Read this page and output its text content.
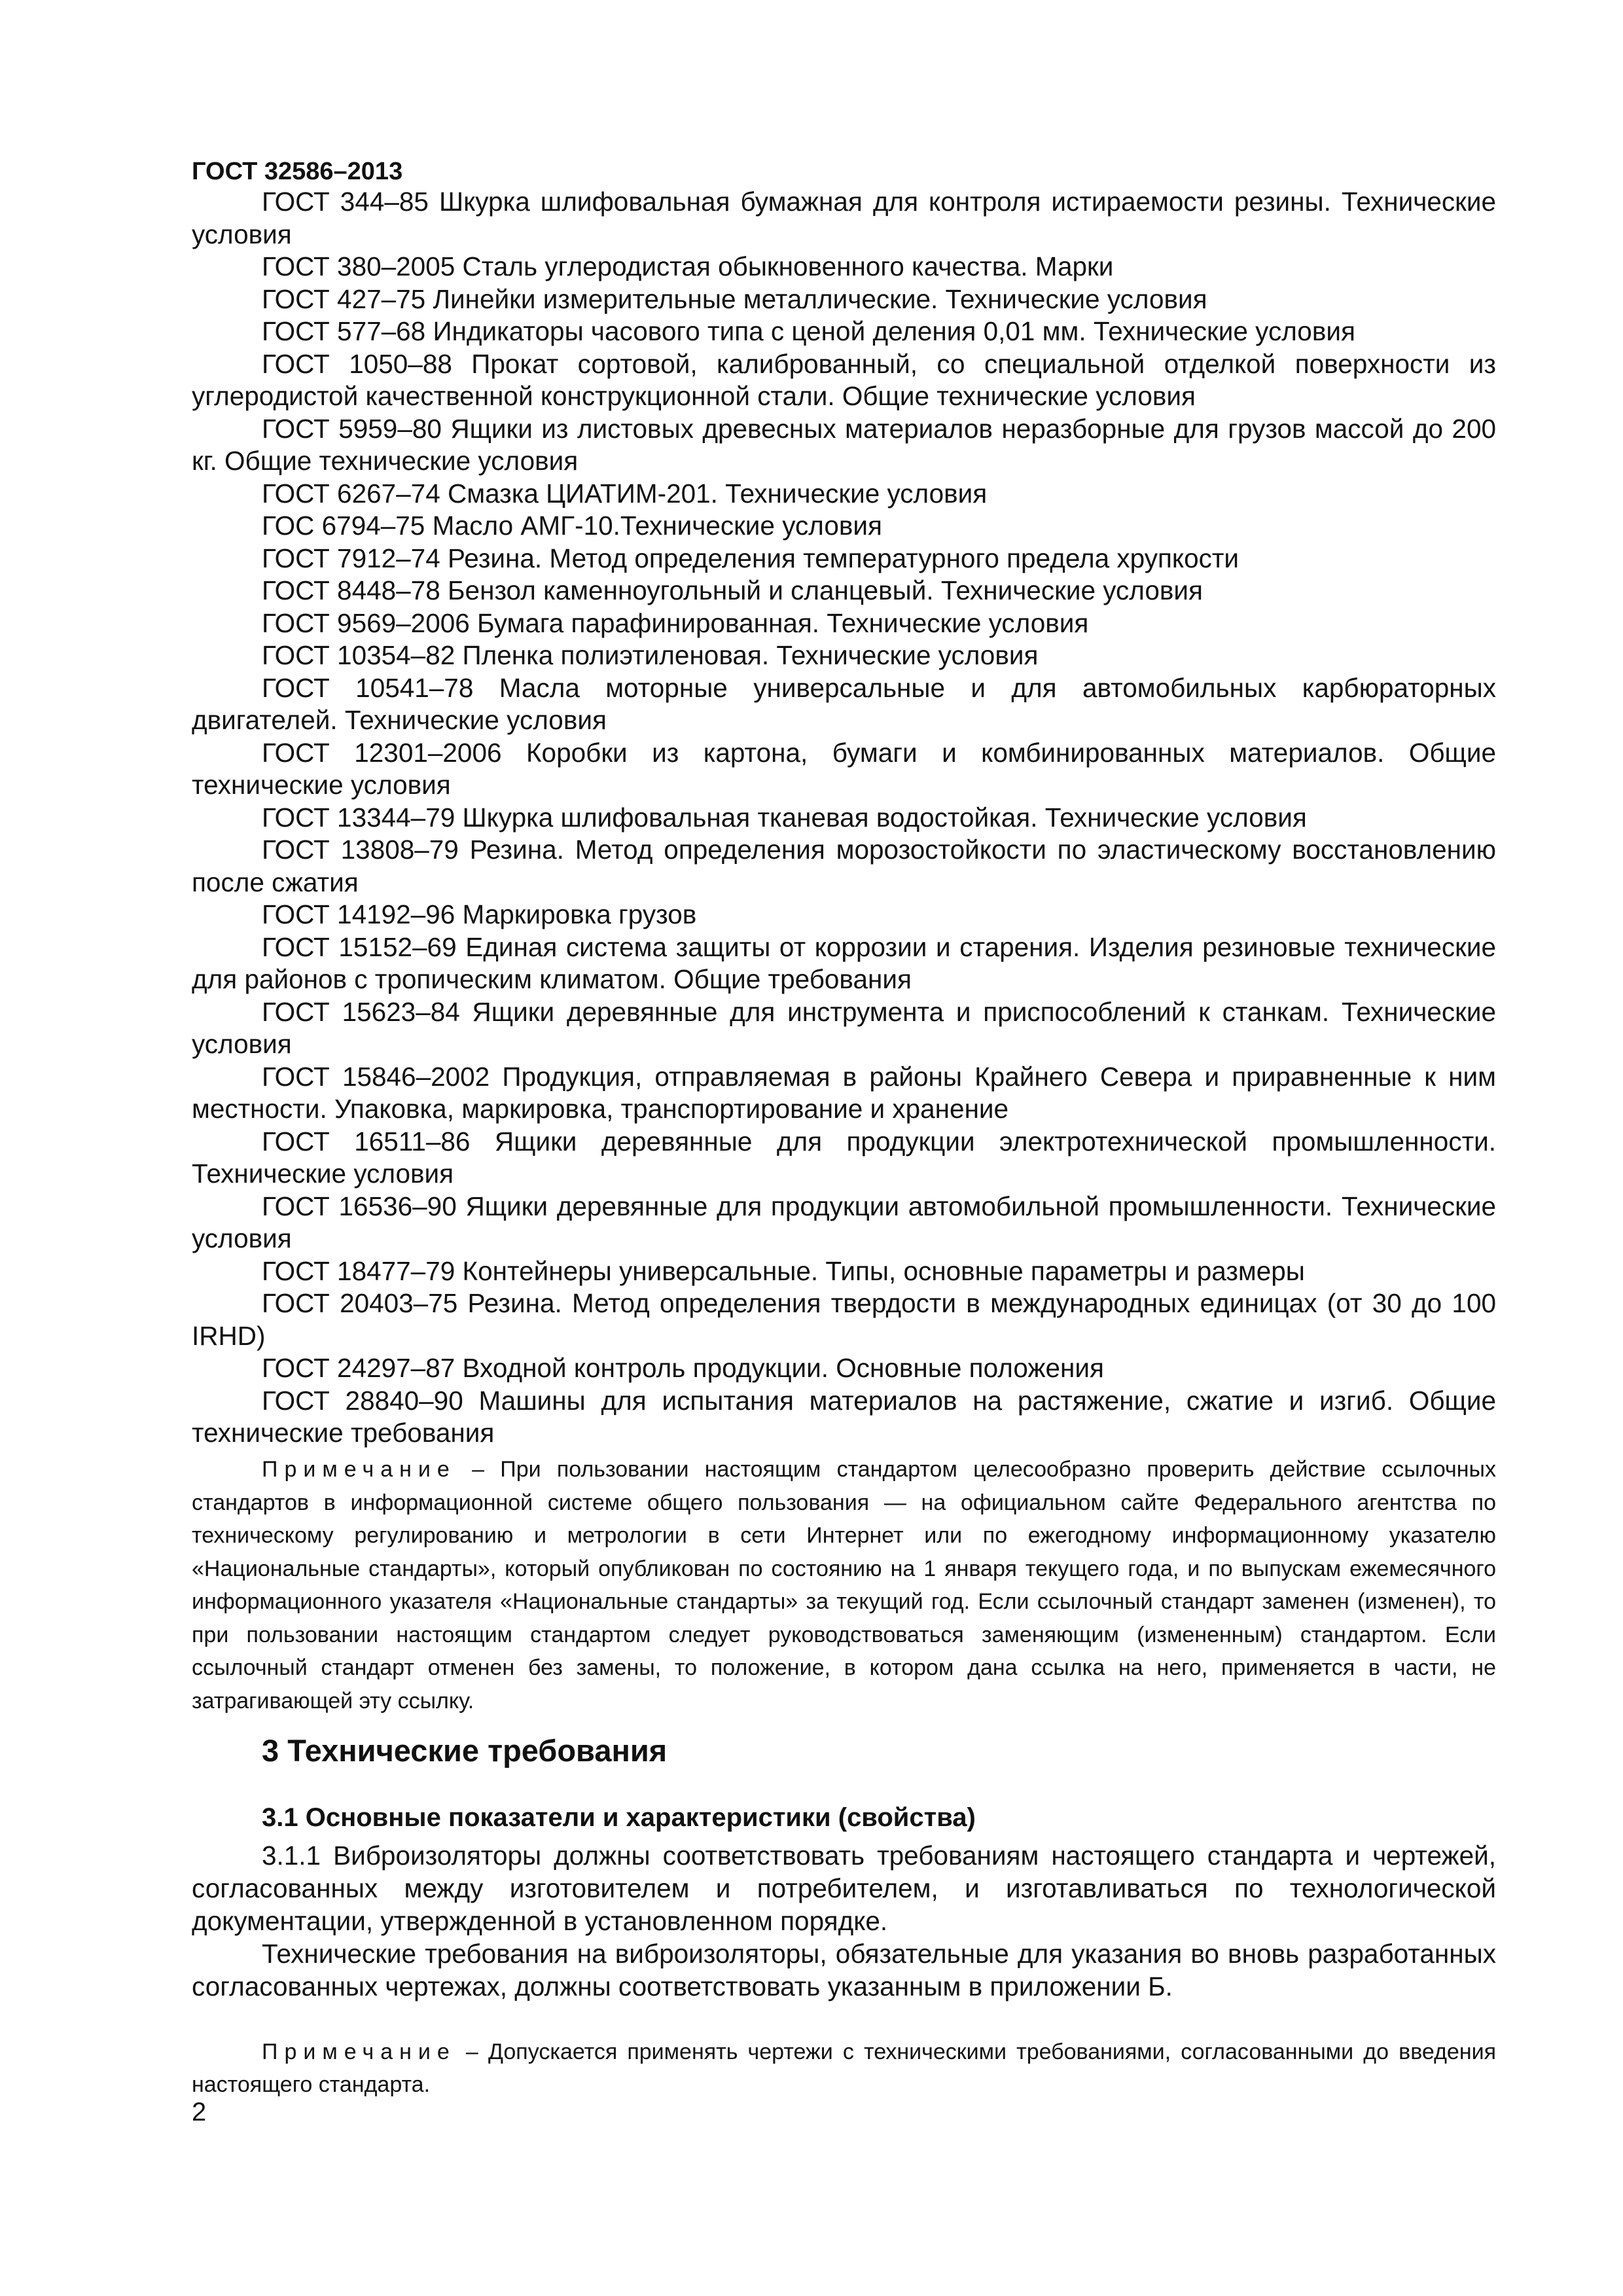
ГОСТ 32586–2013

ГОСТ 344–85 Шкурка шлифовальная бумажная для контроля истираемости резины. Технические условия

ГОСТ 380–2005 Сталь углеродистая обыкновенного качества. Марки

ГОСТ 427–75 Линейки измерительные металлические. Технические условия

ГОСТ 577–68 Индикаторы часового типа с ценой деления 0,01 мм. Технические условия

ГОСТ 1050–88 Прокат сортовой, калиброванный, со специальной отделкой поверхности из углеродистой качественной конструкционной стали. Общие технические условия

ГОСТ 5959–80 Ящики из листовых древесных материалов неразборные для грузов массой до 200 кг. Общие технические условия

ГОСТ 6267–74 Смазка ЦИАТИМ-201. Технические условия

ГОС 6794–75 Масло АМГ-10.Технические условия

ГОСТ 7912–74 Резина. Метод определения температурного предела хрупкости

ГОСТ 8448–78 Бензол каменноугольный и сланцевый. Технические условия

ГОСТ 9569–2006 Бумага парафинированная. Технические условия

ГОСТ 10354–82 Пленка полиэтиленовая. Технические условия

ГОСТ 10541–78 Масла моторные универсальные и для автомобильных карбюраторных двигателей. Технические условия

ГОСТ 12301–2006 Коробки из картона, бумаги и комбинированных материалов. Общие технические условия

ГОСТ 13344–79 Шкурка шлифовальная тканевая водостойкая. Технические условия

ГОСТ 13808–79 Резина. Метод определения морозостойкости по эластическому восстановлению после сжатия

ГОСТ 14192–96 Маркировка грузов

ГОСТ 15152–69 Единая система защиты от коррозии и старения. Изделия резиновые технические для районов с тропическим климатом. Общие требования

ГОСТ 15623–84 Ящики деревянные для инструмента и приспособлений к станкам. Технические условия

ГОСТ 15846–2002 Продукция, отправляемая в районы Крайнего Севера и приравненные к ним местности. Упаковка, маркировка, транспортирование и хранение

ГОСТ 16511–86 Ящики деревянные для продукции электротехнической промышленности. Технические условия

ГОСТ 16536–90 Ящики деревянные для продукции автомобильной промышленности. Технические условия

ГОСТ 18477–79 Контейнеры универсальные. Типы, основные параметры и размеры

ГОСТ 20403–75 Резина. Метод определения твердости в международных единицах (от 30 до 100 IRHD)

ГОСТ 24297–87 Входной контроль продукции. Основные положения

ГОСТ 28840–90 Машины для испытания материалов на растяжение, сжатие и изгиб. Общие технические требования

Примечание – При пользовании настоящим стандартом целесообразно проверить действие ссылочных стандартов в информационной системе общего пользования — на официальном сайте Федерального агентства по техническому регулированию и метрологии в сети Интернет или по ежегодному информационному указателю «Национальные стандарты», который опубликован по состоянию на 1 января текущего года, и по выпускам ежемесячного информационного указателя «Национальные стандарты» за текущий год. Если ссылочный стандарт заменен (изменен), то при пользовании настоящим стандартом следует руководствоваться заменяющим (измененным) стандартом. Если ссылочный стандарт отменен без замены, то положение, в котором дана ссылка на него, применяется в части, не затрагивающей эту ссылку.

3 Технические требования
3.1 Основные показатели и характеристики (свойства)

3.1.1 Виброизоляторы должны соответствовать требованиям настоящего стандарта и чертежей, согласованных между изготовителем и потребителем, и изготавливаться по технологической документации, утвержденной в установленном порядке.

Технические требования на виброизоляторы, обязательные для указания во вновь разработанных согласованных чертежах, должны соответствовать указанным в приложении Б.

Примечание – Допускается применять чертежи с техническими требованиями, согласованными до введения настоящего стандарта.

2
